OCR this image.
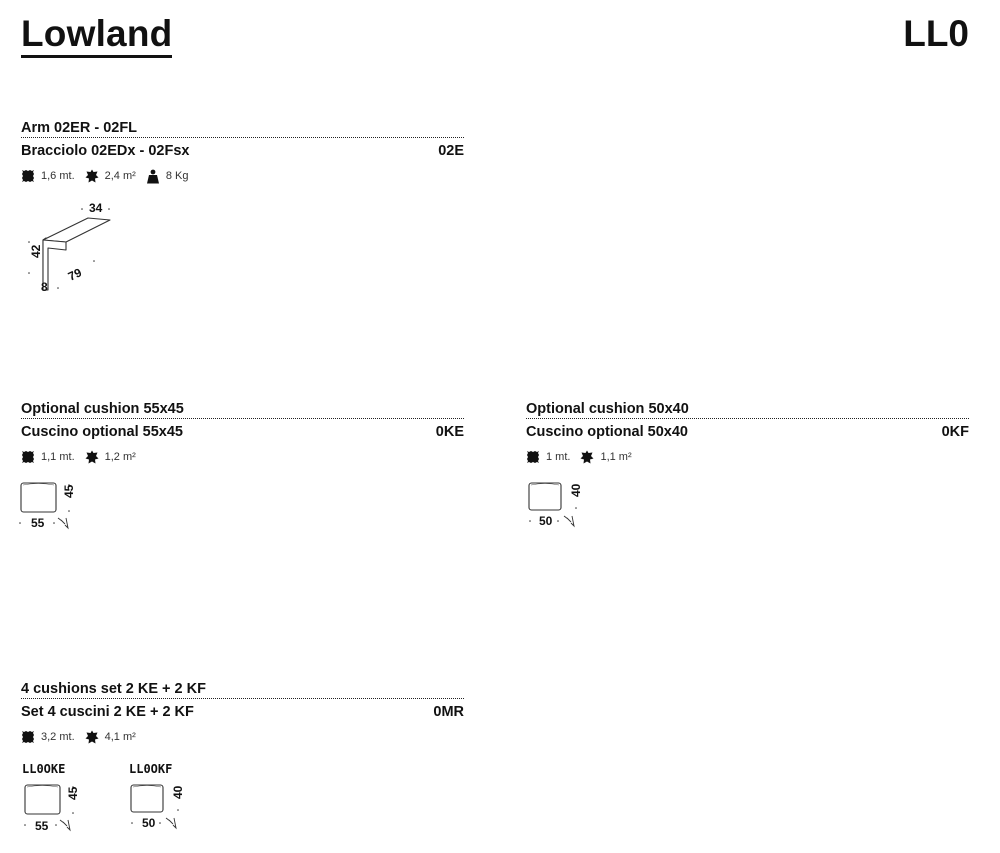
Lowland	LL0
Arm 02ER - 02FL
Bracciolo 02EDx - 02Fsx	02E
1,6 mt.	2,4 m²	8 Kg
34
42
79
8
Optional cushion 55x45
Cuscino optional 55x45	0KE
1,1 mt.	1,2 m²
55
45
Optional cushion 50x40
Cuscino optional 50x40	0KF
1 mt.	1,1 m²
50
40
4 cushions set 2 KE + 2 KF
Set 4 cuscini 2 KE + 2 KF	0MR
3,2 mt.	4,1 m²
LL0OKE	LL0OKF
55
45
50
40
